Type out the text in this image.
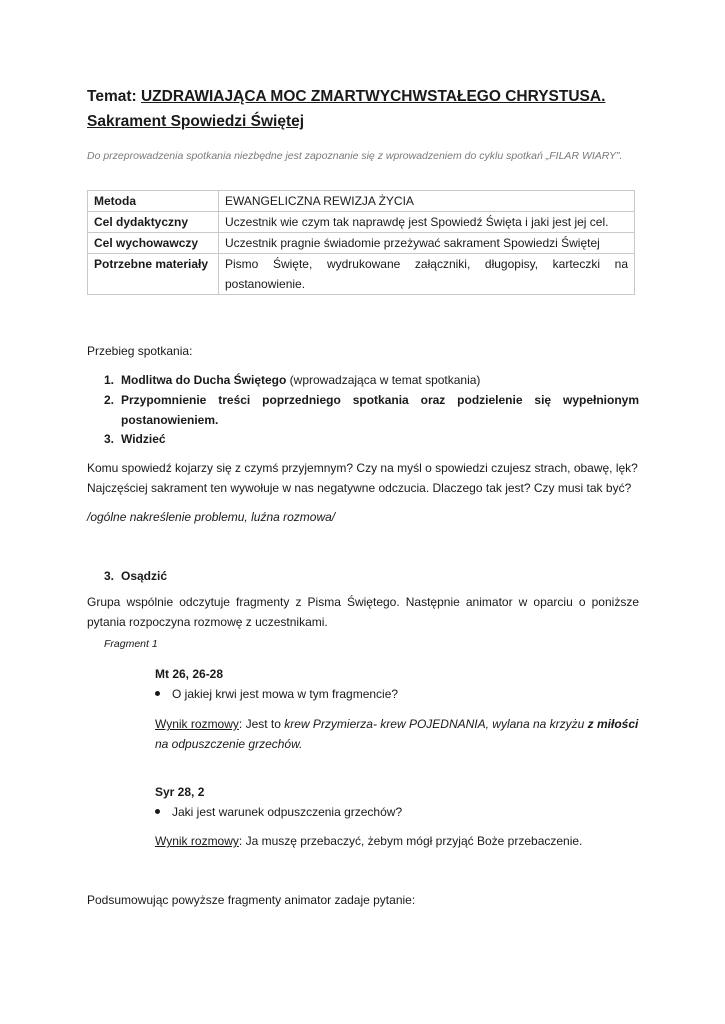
Temat: UZDRAWIAJĄCA MOC ZMARTWYCHWSTAŁEGO CHRYSTUSA.
Sakrament Spowiedzi Świętej
Do przeprowadzenia spotkania niezbędne jest zapoznanie się z wprowadzeniem do cyklu spotkań „FILAR WIARY”.
Metoda	EWANGELICZNA REWIZJA ŻYCIA
Cel dydaktyczny	Uczestnik wie czym tak naprawdę jest Spowiedź Święta i jaki jest jej cel.
Cel wychowawczy	Uczestnik pragnie świadomie przeżywać sakrament Spowiedzi Świętej
Potrzebne materiały	Pismo Święte, wydrukowane załączniki, długopisy, karteczki na postanowienie.
Przebieg spotkania:
1. Modlitwa do Ducha Świętego (wprowadzająca w temat spotkania)
2. Przypomnienie treści poprzedniego spotkania oraz podzielenie się wypełnionym postanowieniem.
3. Widzieć
Komu spowiedź kojarzy się z czymś przyjemnym? Czy na myśl o spowiedzi czujesz strach, obawę, lęk? Najczęściej sakrament ten wywołuje w nas negatywne odczucia. Dlaczego tak jest? Czy musi tak być?
/ogólne nakreślenie problemu, luźna rozmowa/
3. Osądzić
Grupa wspólnie odczytuje fragmenty z Pisma Świętego. Następnie animator w oparciu o poniższe pytania rozpoczyna rozmowę z uczestnikami.
Fragment 1
Mt 26, 26-28
O jakiej krwi jest mowa w tym fragmencie?
Wynik rozmowy: Jest to krew Przymierza- krew POJEDNANIA, wylana na krzyżu z miłości
na odpuszczenie grzechów.
Syr 28, 2
Jaki jest warunek odpuszczenia grzechów?
Wynik rozmowy: Ja muszę przebaczyć, żebym mógł przyjąć Boże przebaczenie.
Podsumowując powyższe fragmenty animator zadaje pytanie:
